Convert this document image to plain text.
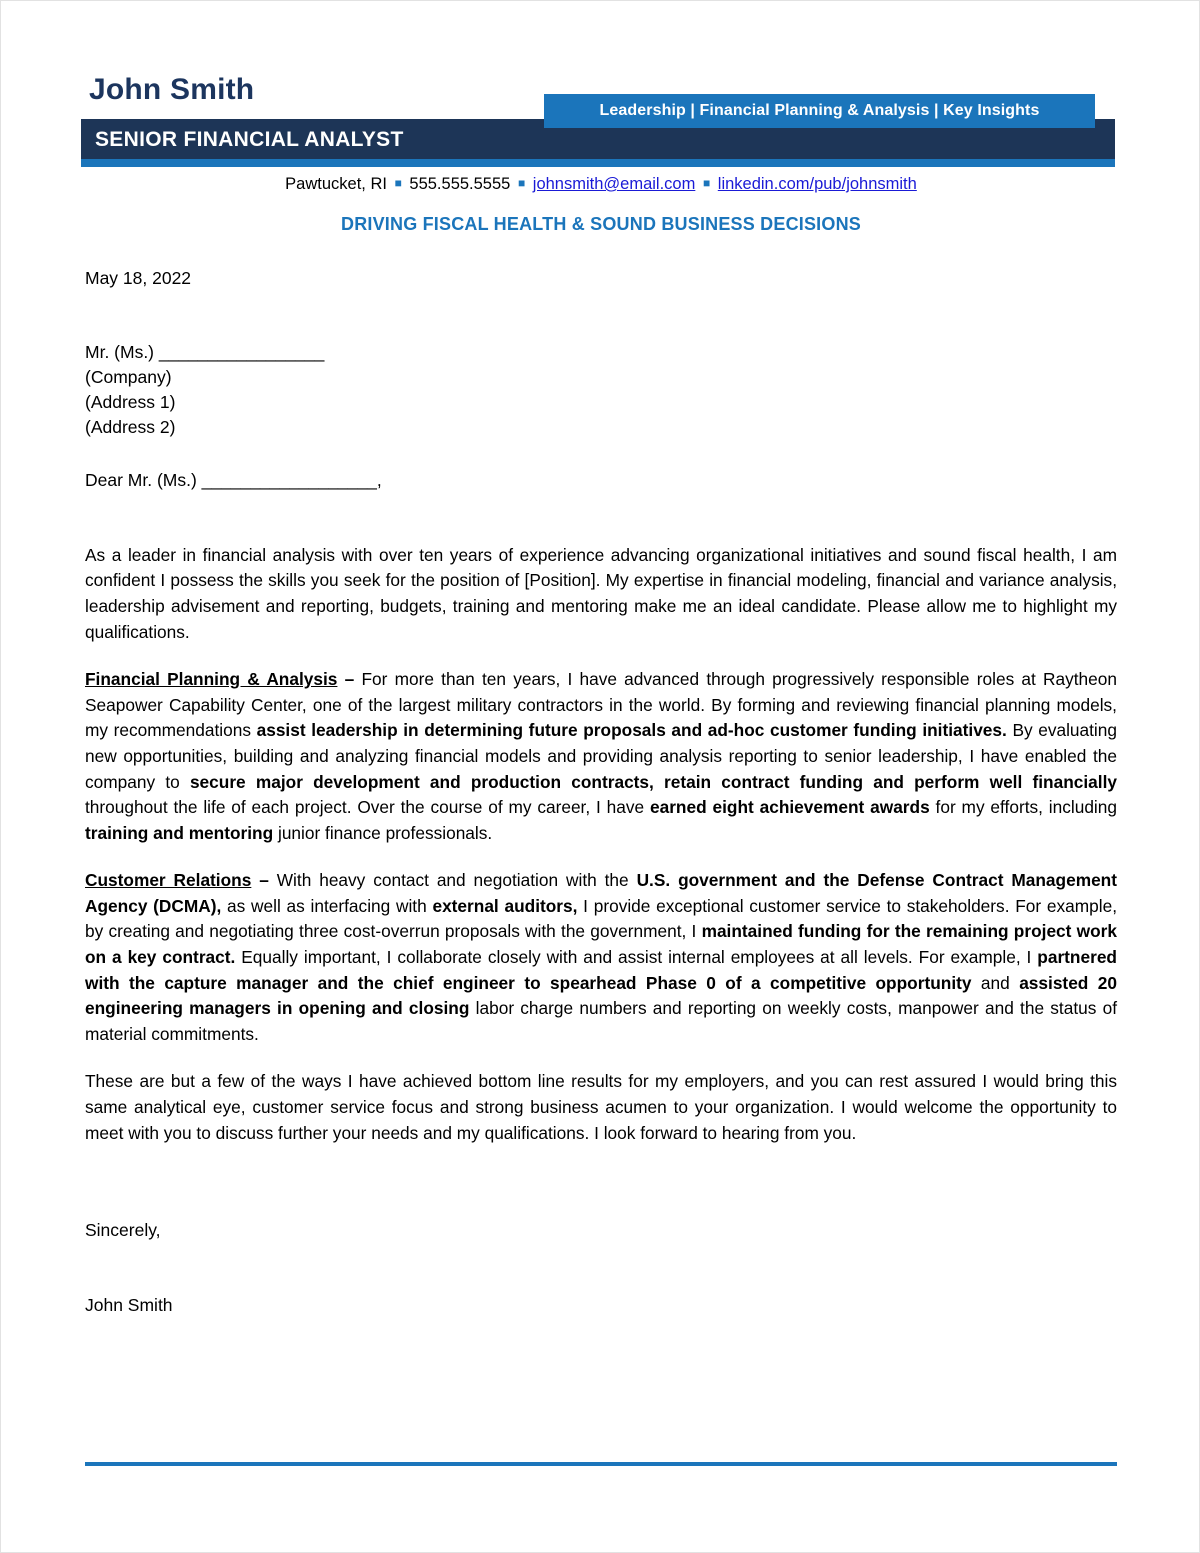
John Smith
SENIOR FINANCIAL ANALYST
Leadership | Financial Planning & Analysis | Key Insights
Pawtucket, RI ■ 555.555.5555 ■ johnsmith@email.com ■ linkedin.com/pub/johnsmith
DRIVING FISCAL HEALTH & SOUND BUSINESS DECISIONS
May 18, 2022
Mr. (Ms.) _________________
(Company)
(Address 1)
(Address 2)
Dear Mr. (Ms.) __________________,

As a leader in financial analysis with over ten years of experience advancing organizational initiatives and sound fiscal health, I am confident I possess the skills you seek for the position of [Position]. My expertise in financial modeling, financial and variance analysis, leadership advisement and reporting, budgets, training and mentoring make me an ideal candidate. Please allow me to highlight my qualifications.

Financial Planning & Analysis – For more than ten years, I have advanced through progressively responsible roles at Raytheon Seapower Capability Center, one of the largest military contractors in the world. By forming and reviewing financial planning models, my recommendations assist leadership in determining future proposals and ad-hoc customer funding initiatives. By evaluating new opportunities, building and analyzing financial models and providing analysis reporting to senior leadership, I have enabled the company to secure major development and production contracts, retain contract funding and perform well financially throughout the life of each project. Over the course of my career, I have earned eight achievement awards for my efforts, including training and mentoring junior finance professionals.

Customer Relations – With heavy contact and negotiation with the U.S. government and the Defense Contract Management Agency (DCMA), as well as interfacing with external auditors, I provide exceptional customer service to stakeholders. For example, by creating and negotiating three cost-overrun proposals with the government, I maintained funding for the remaining project work on a key contract. Equally important, I collaborate closely with and assist internal employees at all levels. For example, I partnered with the capture manager and the chief engineer to spearhead Phase 0 of a competitive opportunity and assisted 20 engineering managers in opening and closing labor charge numbers and reporting on weekly costs, manpower and the status of material commitments.

These are but a few of the ways I have achieved bottom line results for my employers, and you can rest assured I would bring this same analytical eye, customer service focus and strong business acumen to your organization. I would welcome the opportunity to meet with you to discuss further your needs and my qualifications. I look forward to hearing from you.

Sincerely,
John Smith
